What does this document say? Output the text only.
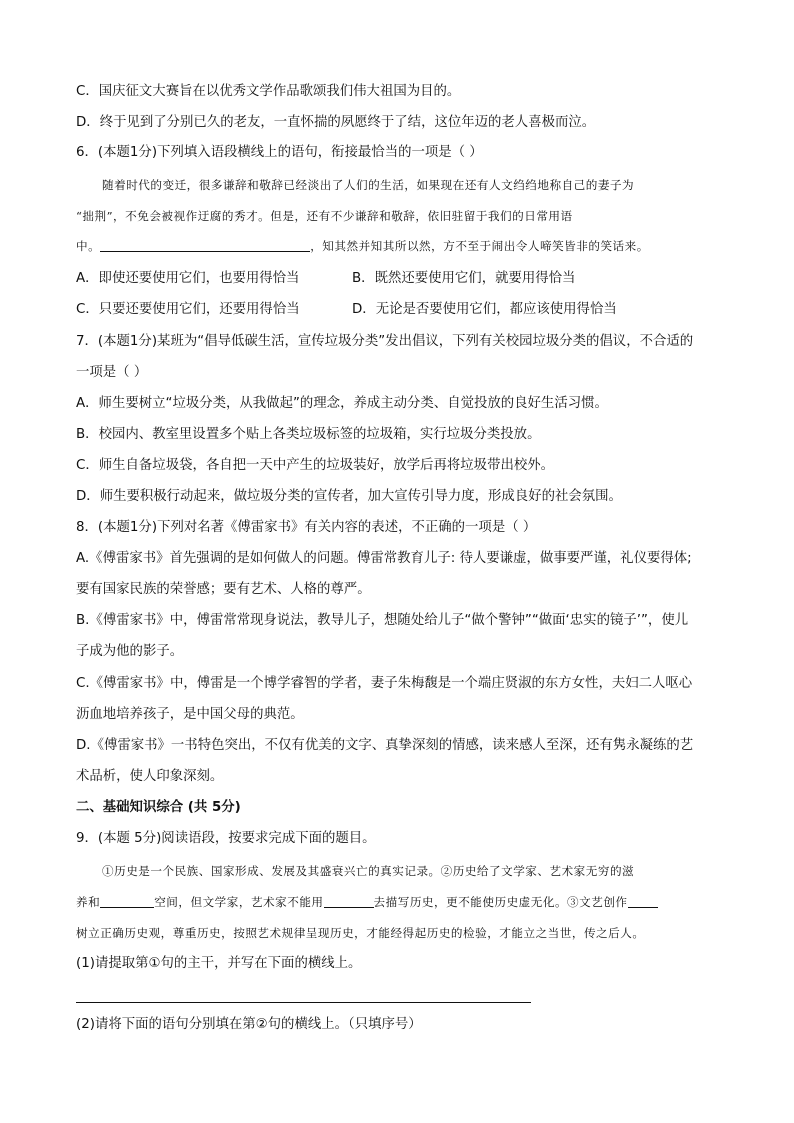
C．国庆征文大赛旨在以优秀文学作品歌颂我们伟大祖国为目的。
D．终于见到了分别已久的老友，一直怀揣的夙愿终于了结，这位年迈的老人喜极而泣。
6．(本题1分)下列填入语段横线上的语句，衔接最恰当的一项是（ ）
随着时代的变迁，很多谦辞和敬辞已经淡出了人们的生活，如果现在还有人文绉绉地称自己的妻子为
“拙荆”，不免会被视作迂腐的秀才。但是，还有不少谦辞和敬辞，依旧驻留于我们的日常用语
中。	，知其然并知其所以然，方不至于闹出令人啼笑皆非的笑话来。
A．即使还要使用它们，也要用得恰当	B．既然还要使用它们，就要用得恰当
C．只要还要使用它们，还要用得恰当	D．无论是否要使用它们，都应该使用得恰当
7．(本题1分)某班为“倡导低碳生活，宣传垃圾分类”发出倡议，下列有关校园垃圾分类的倡议，不合适的
一项是（ ）
A．师生要树立“垃圾分类，从我做起”的理念，养成主动分类、自觉投放的良好生活习惯。
B．校园内、教室里设置多个贴上各类垃圾标签的垃圾箱，实行垃圾分类投放。
C．师生自备垃圾袋，各自把一天中产生的垃圾装好，放学后再将垃圾带出校外。
D．师生要积极行动起来，做垃圾分类的宣传者，加大宣传引导力度，形成良好的社会氛围。
8．(本题1分)下列对名著《傅雷家书》有关内容的表述，不正确的一项是（ ）
A.《傅雷家书》首先强调的是如何做人的问题。傅雷常教育儿子: 待人要谦虚，做事要严谨，礼仪要得体;
要有国家民族的荣誉感；要有艺术、人格的尊严。
B.《傅雷家书》中，傅雷常常现身说法，教导儿子，想随处给儿子“做个警钟”“做面‘忠实的镜子’”，使儿
子成为他的影子。
C.《傅雷家书》中，傅雷是一个博学睿智的学者，妻子朱梅馥是一个端庄贤淑的东方女性，夫妇二人呕心
沥血地培养孩子，是中国父母的典范。
D.《傅雷家书》一书特色突出，不仅有优美的文字、真挚深刻的情感，读来感人至深，还有隽永凝练的艺
术品析，使人印象深刻。
二、基础知识综合 (共 5分)
9．(本题 5分)阅读语段，按要求完成下面的题目。
①历史是一个民族、国家形成、发展及其盛衰兴亡的真实记录。②历史给了文学家、艺术家无穷的滋
养和	空间，但文学家，艺术家不能用	去描写历史，更不能使历史虚无化。③文艺创作
树立正确历史观，尊重历史，按照艺术规律呈现历史，才能经得起历史的检验，才能立之当世，传之后人。
(1)请提取第①句的主干，并写在下面的横线上。
(2)请将下面的语句分别填在第②句的横线上。（只填序号）
